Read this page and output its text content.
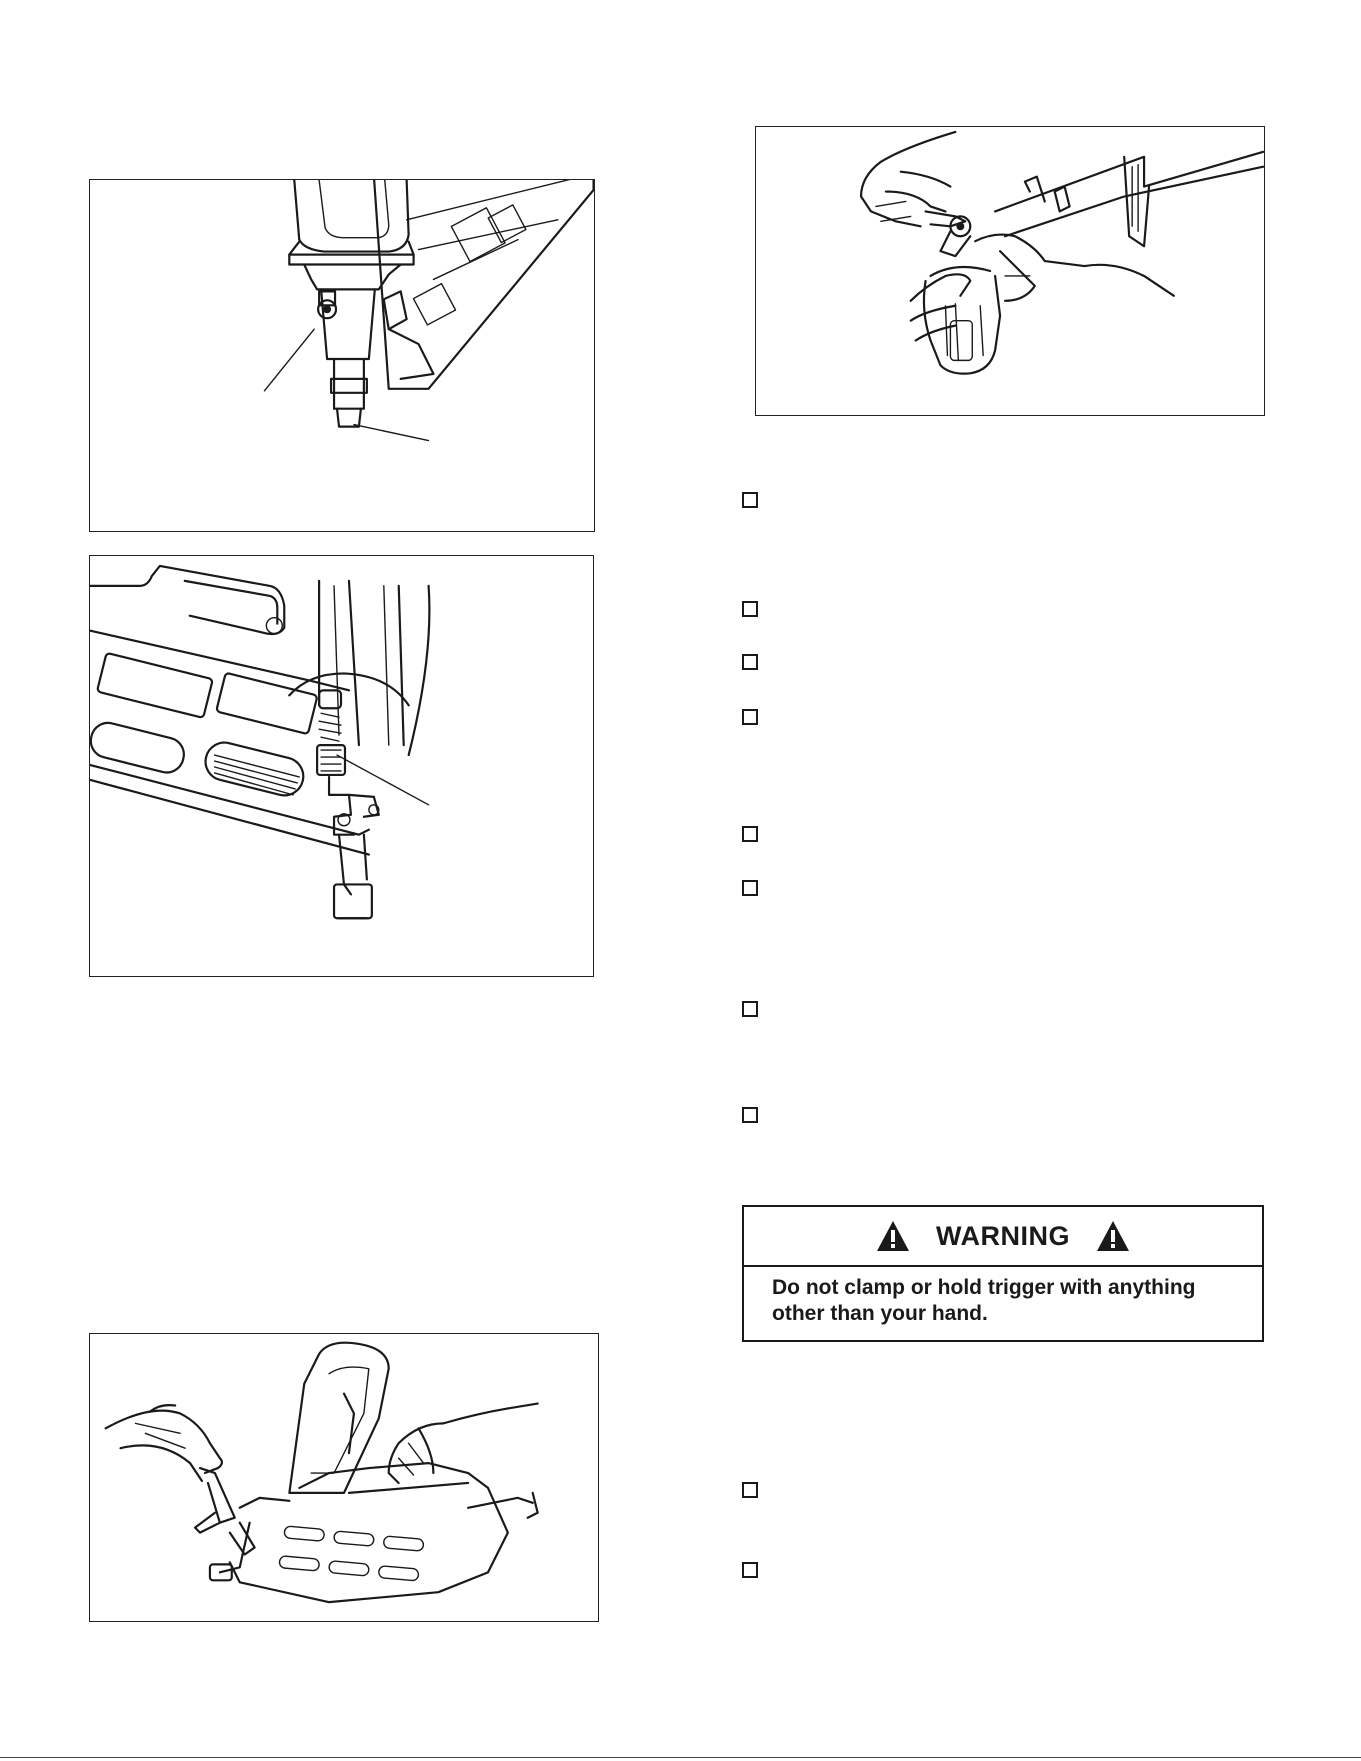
WARNING
Do not clamp or hold trigger with anything other than your hand.
